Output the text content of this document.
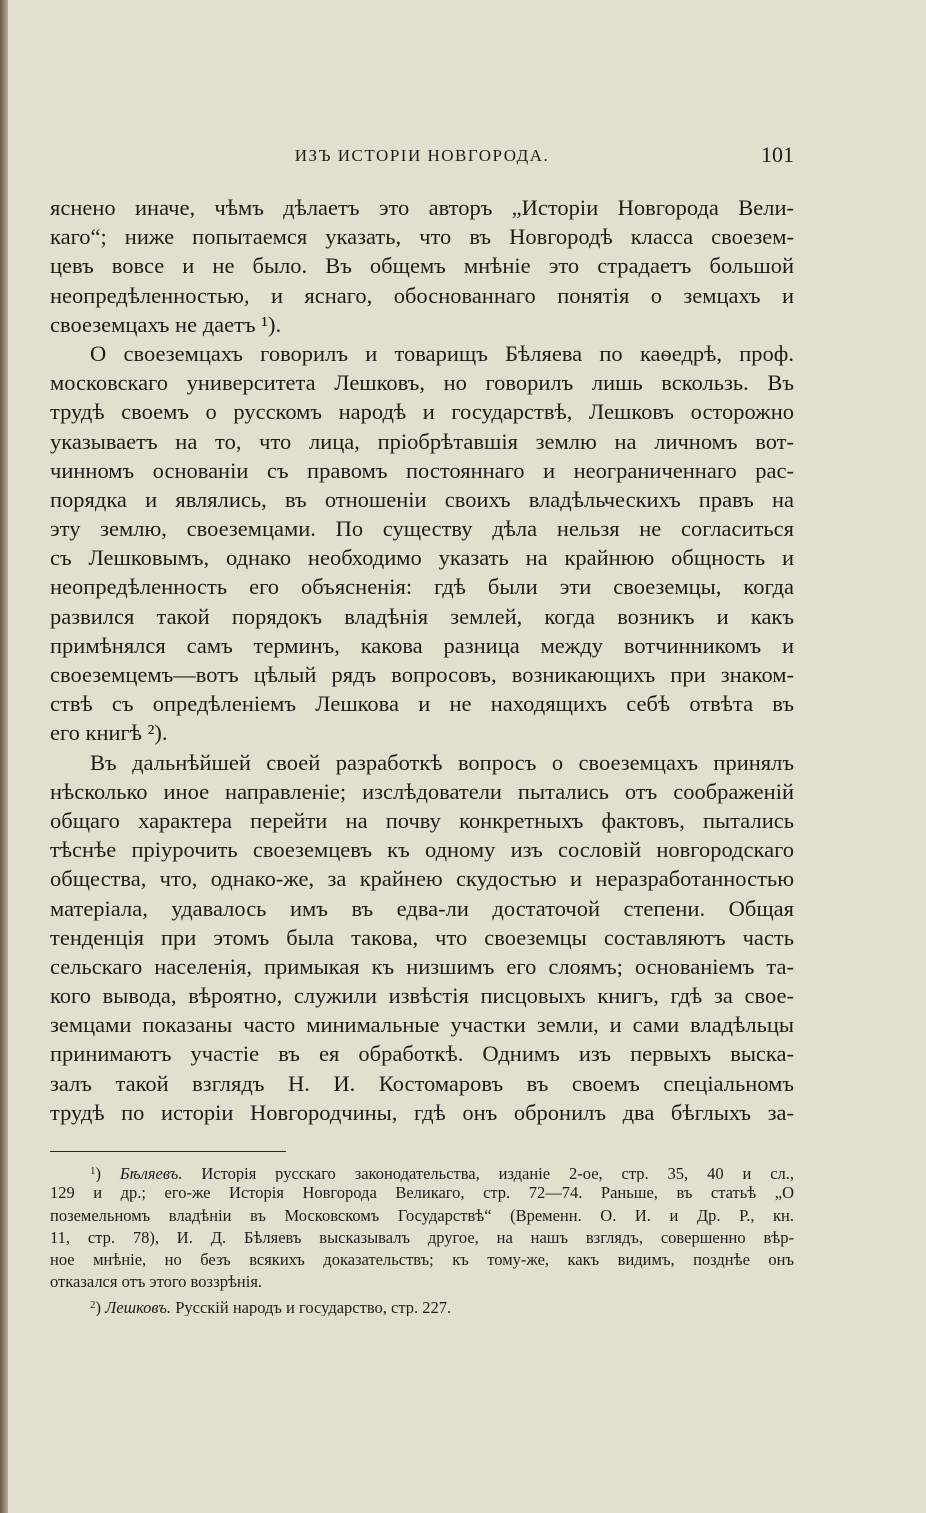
ИЗЪ ИСТОРІИ НОВГОРОДА.	101
яснено иначе, чѣмъ дѣлаетъ это авторъ „Исторіи Новгорода Вели-
каго“; ниже попытаемся указать, что въ Новгородѣ класса своезем-
цевъ вовсе и не было. Въ общемъ мнѣніе это страдаетъ большой
неопредѣленностью, и яснаго, обоснованнаго понятія о земцахъ и
своеземцахъ не даетъ ¹).
О своеземцахъ говорилъ и товарищъ Бѣляева по каѳедрѣ, проф.
московскаго университета Лешковъ, но говорилъ лишь вскользь. Въ
трудѣ своемъ о русскомъ народѣ и государствѣ, Лешковъ осторожно
указываетъ на то, что лица, пріобрѣтавшія землю на личномъ вот-
чинномъ основаніи съ правомъ постояннаго и неограниченнаго рас-
порядка и являлись, въ отношеніи своихъ владѣльческихъ правъ на
эту землю, своеземцами. По существу дѣла нельзя не согласиться
съ Лешковымъ, однако необходимо указать на крайнюю общность и
неопредѣленность его объясненія: гдѣ были эти своеземцы, когда
развился такой порядокъ владѣнія землей, когда возникъ и какъ
примѣнялся самъ терминъ, какова разница между вотчинникомъ и
своеземцемъ—вотъ цѣлый рядъ вопросовъ, возникающихъ при знаком-
ствѣ съ опредѣленіемъ Лешкова и не находящихъ себѣ отвѣта въ
его книгѣ ²).
Въ дальнѣйшей своей разработкѣ вопросъ о своеземцахъ принялъ
нѣсколько иное направленіе; изслѣдователи пытались отъ соображеній
общаго характера перейти на почву конкретныхъ фактовъ, пытались
тѣснѣе пріурочить своеземцевъ къ одному изъ сословій новгородскаго
общества, что, однако-же, за крайнею скудостью и неразработанностью
матеріала, удавалось имъ въ едва-ли достаточой степени. Общая
тенденція при этомъ была такова, что своеземцы составляютъ часть
сельскаго населенія, примыкая къ низшимъ его слоямъ; основаніемъ та-
кого вывода, вѣроятно, служили извѣстія писцовыхъ книгъ, гдѣ за свое-
земцами показаны часто минимальные участки земли, и сами владѣльцы
принимаютъ участіе въ ея обработкѣ. Однимъ изъ первыхъ выска-
залъ такой взглядъ Н. И. Костомаровъ въ своемъ спеціальномъ
трудѣ по исторіи Новгородчины, гдѣ онъ обронилъ два бѣглыхъ за-
$^1$) Бѣляевъ. Исторія русскаго законодательства, изданіе 2-ое, стр. 35, 40 и сл.,
129 и др.; его-же Исторія Новгорода Великаго, стр. 72—74. Раньше, въ статьѣ „О
поземельномъ владѣніи въ Московскомъ Государствѣ“ (Временн. О. И. и Др. Р., кн.
11, стр. 78), И. Д. Бѣляевъ высказывалъ другое, на нашъ взглядъ, совершенно вѣр-
ное мнѣніе, но безъ всякихъ доказательствъ; къ тому-же, какъ видимъ, позднѣе онъ
отказался отъ этого воззрѣнія.
$^2$) Лешковъ. Русскій народъ и государство, стр. 227.
